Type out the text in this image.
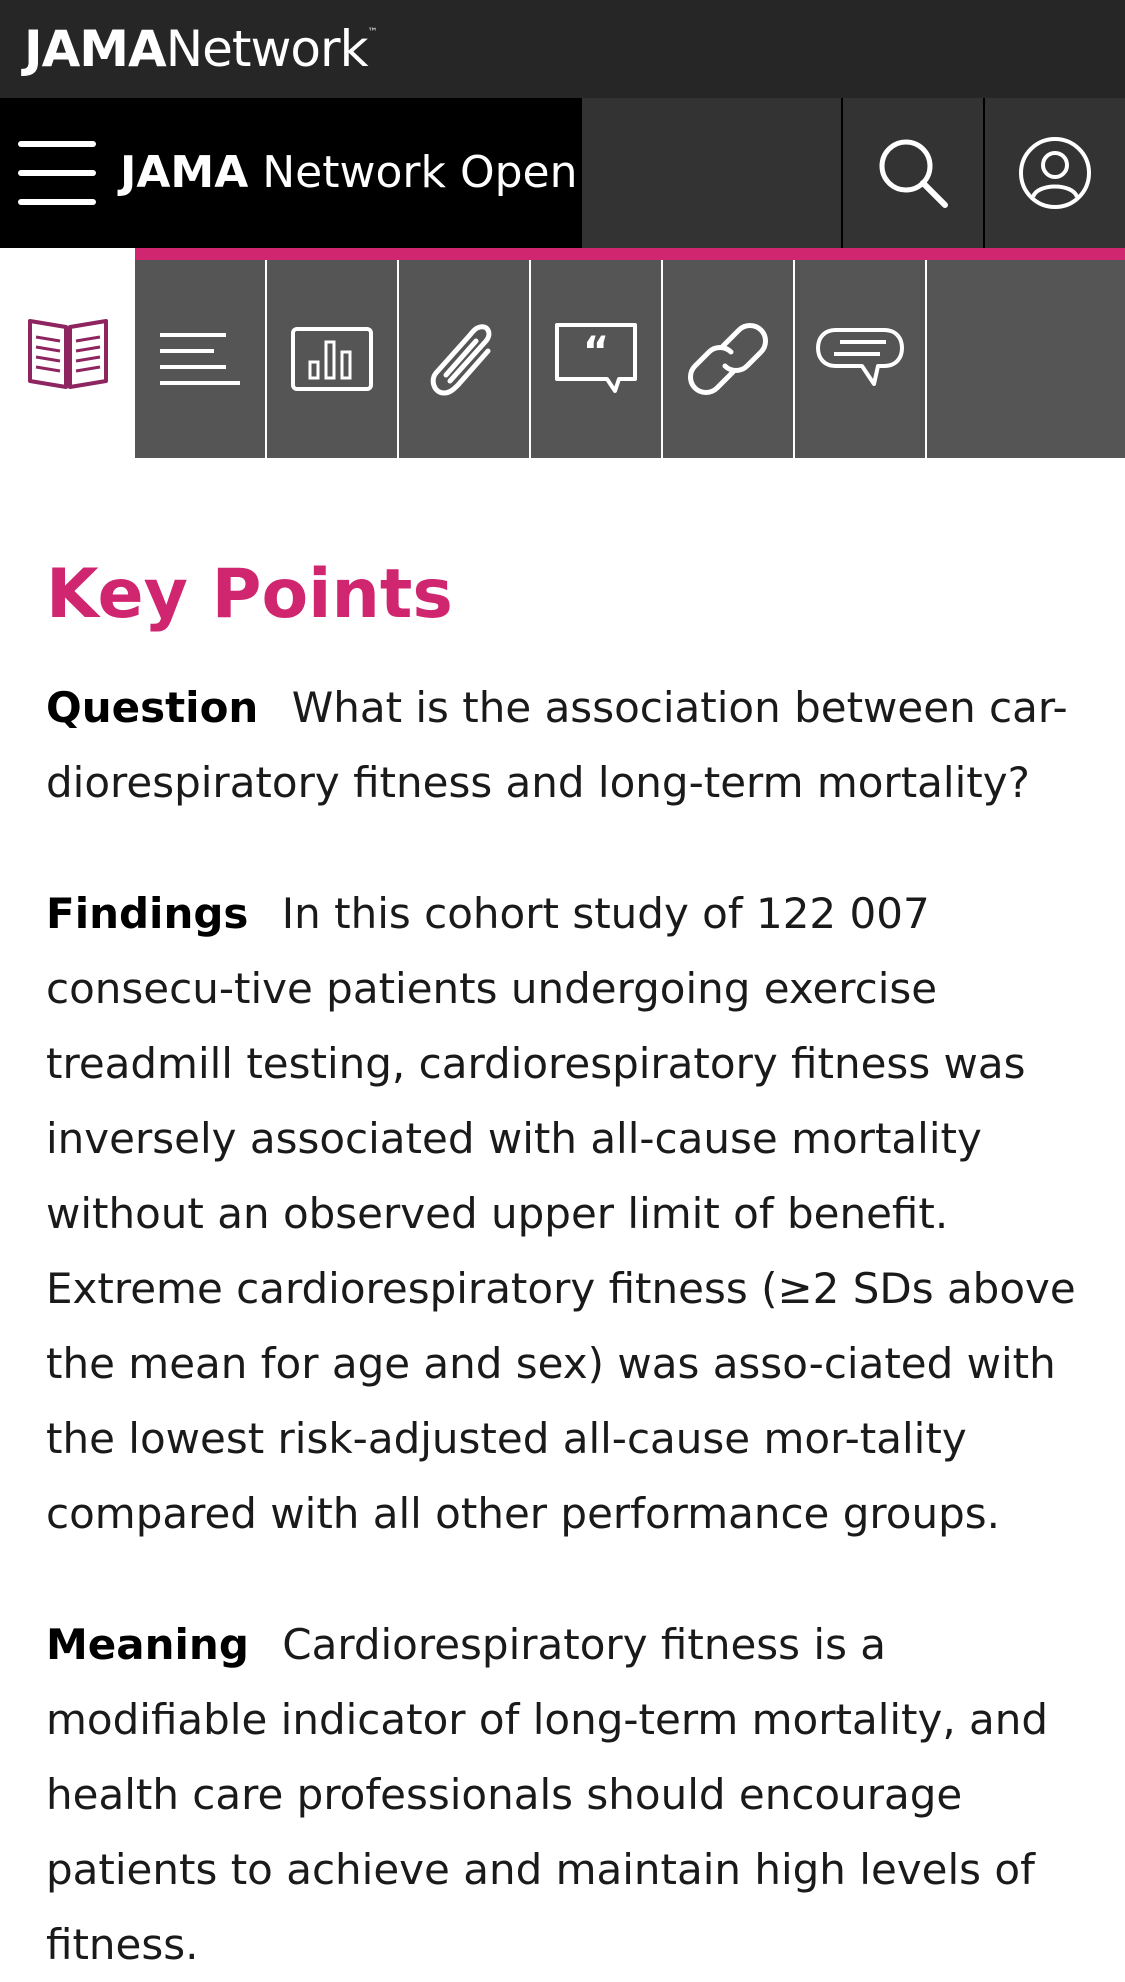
JAMANetwork™
JAMA Network Open
“
Key Points

Question What is the association between car-diorespiratory fitness and long-term mortality?

Findings In this cohort study of 122 007 consecu-tive patients undergoing exercise treadmill testing, cardiorespiratory fitness was inversely associated with all-cause mortality without an observed upper limit of benefit. Extreme cardiorespiratory fitness (≥2 SDs above the mean for age and sex) was asso-ciated with the lowest risk-adjusted all-cause mor-tality compared with all other performance groups.

Meaning Cardiorespiratory fitness is a modifiable indicator of long-term mortality, and health care professionals should encourage patients to achieve and maintain high levels of fitness.
